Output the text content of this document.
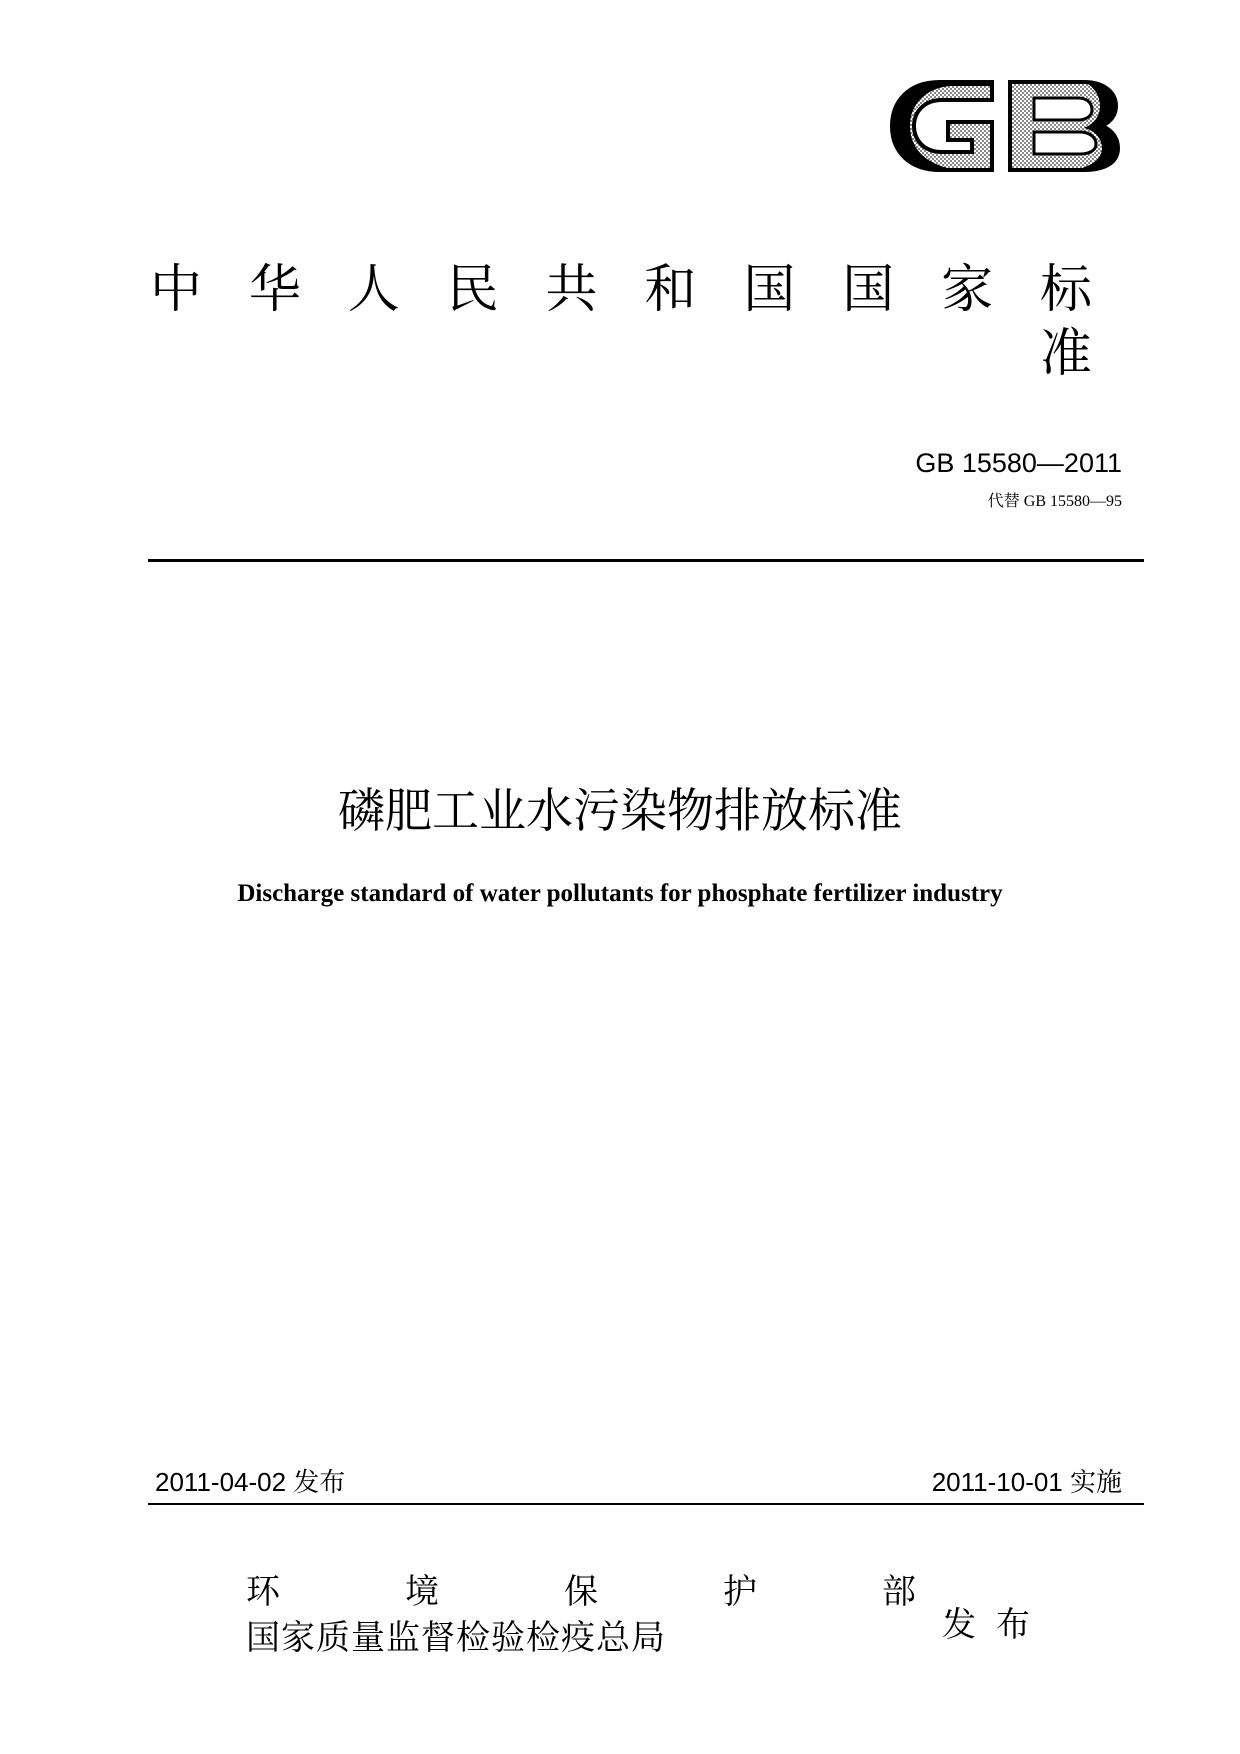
中华人民共和国国家标准
GB 15580—2011
代替 GB 15580—95
磷肥工业水污染物排放标准
Discharge standard of water pollutants for phosphate fertilizer industry
2011-04-02 发布	2011-10-01 实施
环境保护部
国家质量监督检验检疫总局	发布
